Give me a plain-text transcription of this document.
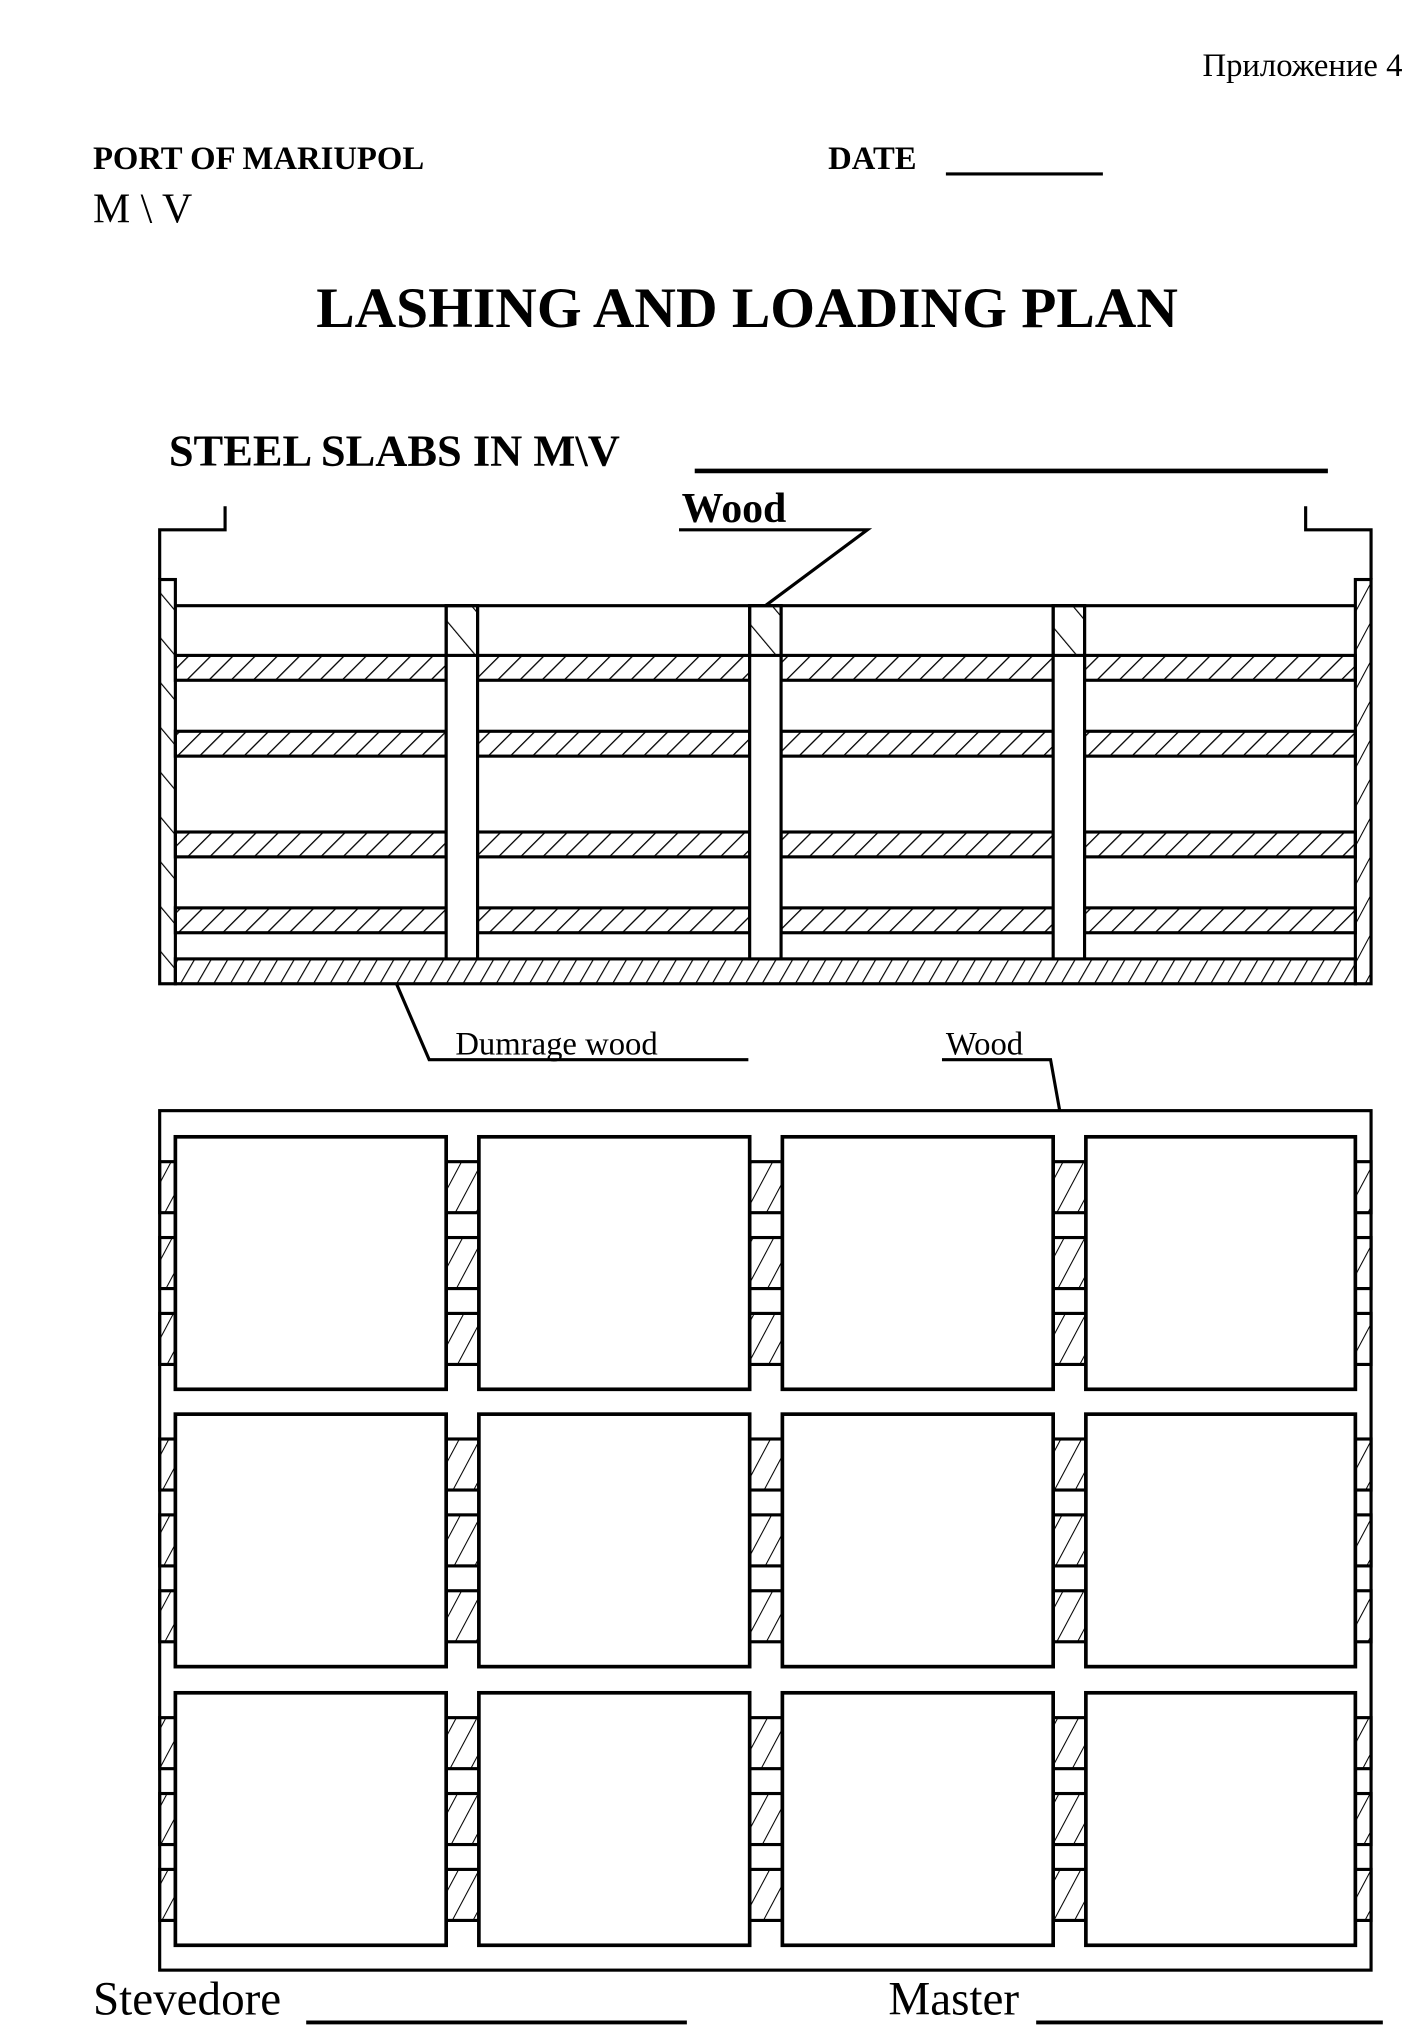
Приложение 4
PORT OF MARIUPOL	DATE
M \ V
LASHING AND LOADING PLAN
STEEL SLABS IN M\V
Wood
Dumrage wood	Wood
Stevedore	Master
